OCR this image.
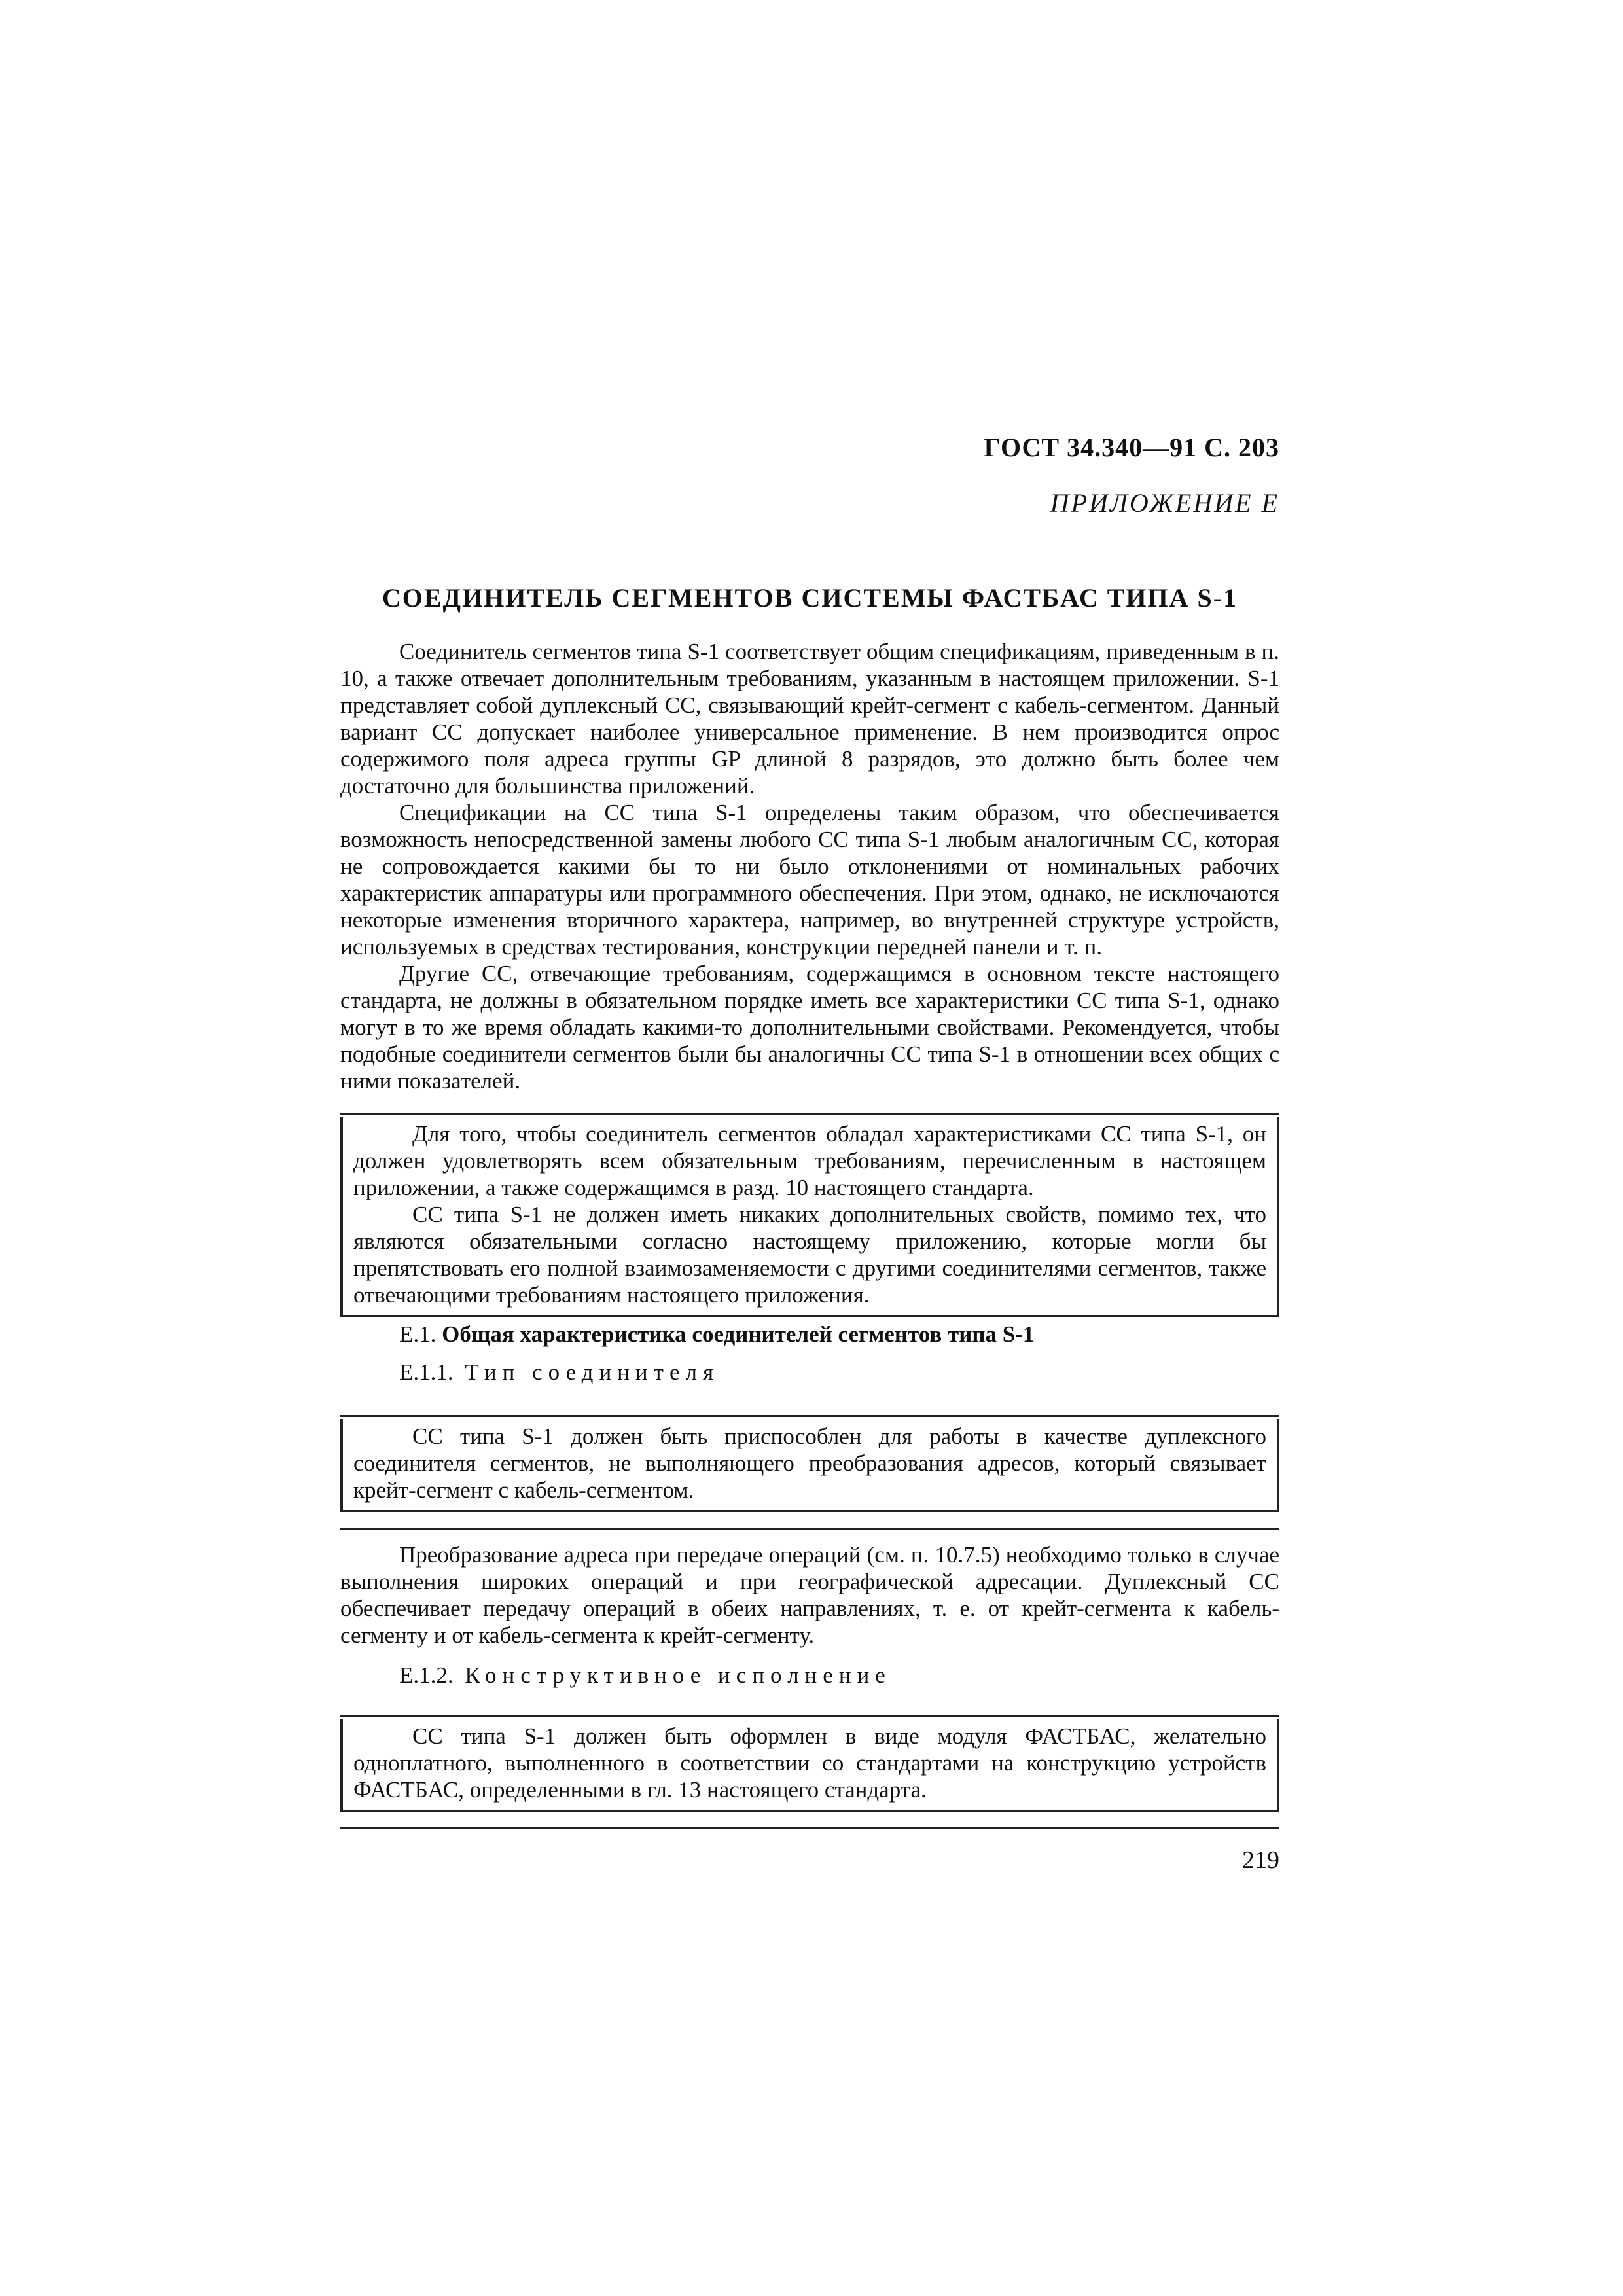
ГОСТ 34.340—91 С. 203
ПРИЛОЖЕНИЕ Е
СОЕДИНИТЕЛЬ СЕГМЕНТОВ СИСТЕМЫ ФАСТБАС ТИПА S-1

Соединитель сегментов типа S-1 соответствует общим спецификациям, приведенным в п. 10, а также отвечает дополнительным требованиям, указанным в настоящем приложении. S-1 представляет собой дуплексный СС, связывающий крейт-сегмент с кабель-сегментом. Данный вариант СС допускает наиболее универсальное применение. В нем производится опрос содержимого поля адреса группы GP длиной 8 разрядов, это должно быть более чем достаточно для большинства приложений.

Спецификации на СС типа S-1 определены таким образом, что обеспечивается возможность непосредственной замены любого СС типа S-1 любым аналогичным СС, которая не сопровождается какими бы то ни было отклонениями от номинальных рабочих характеристик аппаратуры или программного обеспечения. При этом, однако, не исключаются некоторые изменения вторичного характера, например, во внутренней структуре устройств, используемых в средствах тестирования, конструкции передней панели и т. п.

Другие СС, отвечающие требованиям, содержащимся в основном тексте настоящего стандарта, не должны в обязательном порядке иметь все характеристики СС типа S-1, однако могут в то же время обладать какими-то дополнительными свойствами. Рекомендуется, чтобы подобные соединители сегментов были бы аналогичны СС типа S-1 в отношении всех общих с ними показателей.

Для того, чтобы соединитель сегментов обладал характеристиками СС типа S-1, он должен удовлетворять всем обязательным требованиям, перечисленным в настоящем приложении, а также содержащимся в разд. 10 настоящего стандарта.

СС типа S-1 не должен иметь никаких дополнительных свойств, помимо тех, что являются обязательными согласно настоящему приложению, которые могли бы препятствовать его полной взаимозаменяемости с другими соединителями сегментов, также отвечающими требованиям настоящего приложения.

Е.1. Общая характеристика соединителей сегментов типа S-1
Е.1.1. Тип соединителя

СС типа S-1 должен быть приспособлен для работы в качестве дуплексного соединителя сегментов, не выполняющего преобразования адресов, который связывает крейт-сегмент с кабель-сегментом.

Преобразование адреса при передаче операций (см. п. 10.7.5) необходимо только в случае выполнения широких операций и при географической адресации. Дуплексный СС обеспечивает передачу операций в обеих направлениях, т. е. от крейт-сегмента к кабель-сегменту и от кабель-сегмента к крейт-сегменту.

Е.1.2. Конструктивное исполнение

СС типа S-1 должен быть оформлен в виде модуля ФАСТБАС, желательно одноплатного, выполненного в соответствии со стандартами на конструкцию устройств ФАСТБАС, определенными в гл. 13 настоящего стандарта.

219
